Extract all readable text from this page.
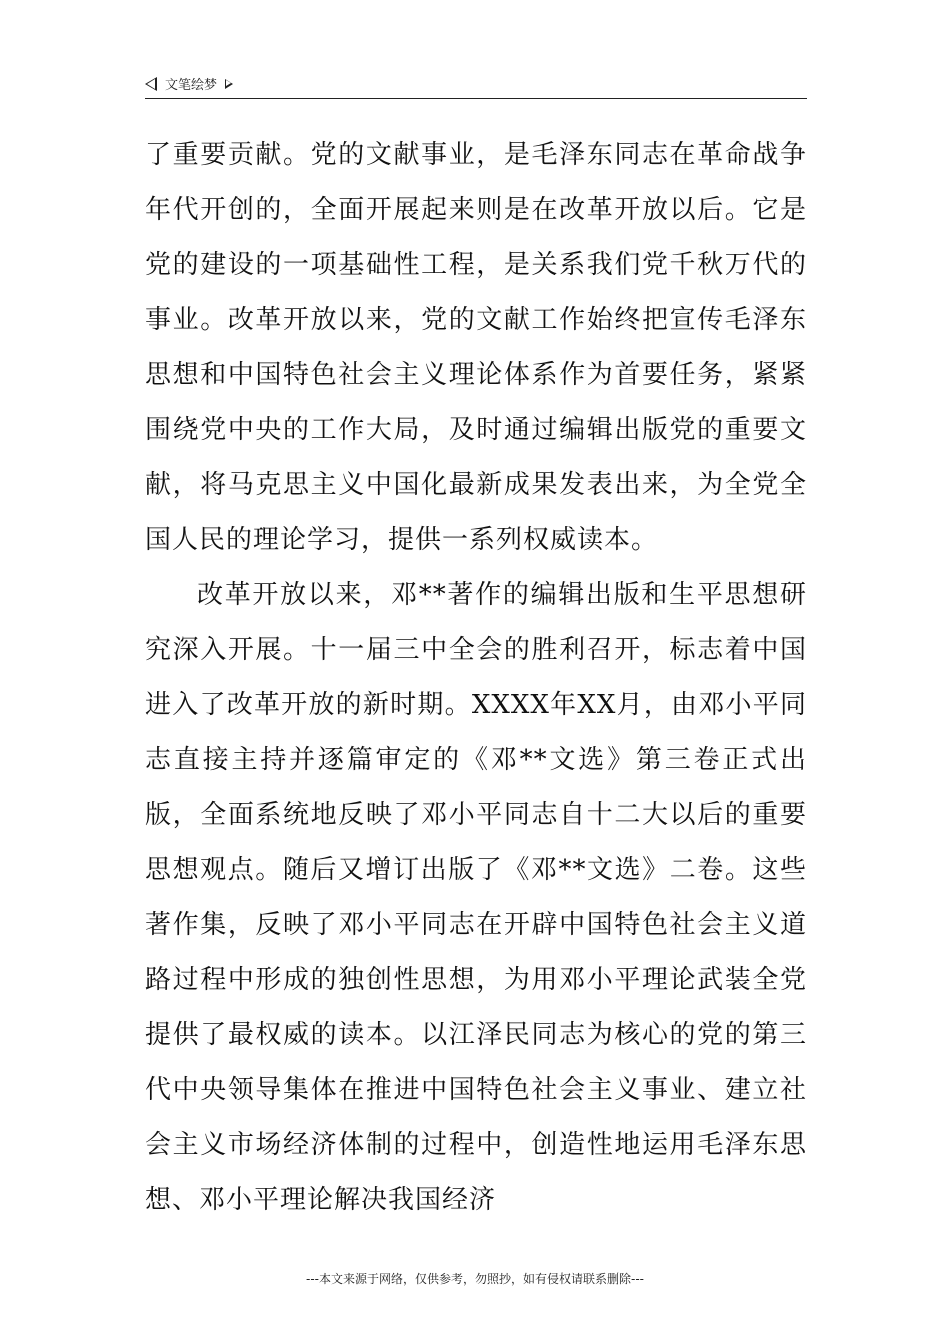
文笔绘梦

了重要贡献。党的文献事业，是毛泽东同志在革命战争年代开创的，全面开展起来则是在改革开放以后。它是党的建设的一项基础性工程，是关系我们党千秋万代的事业。改革开放以来，党的文献工作始终把宣传毛泽东思想和中国特色社会主义理论体系作为首要任务，紧紧围绕党中央的工作大局，及时通过编辑出版党的重要文献，将马克思主义中国化最新成果发表出来，为全党全国人民的理论学习，提供一系列权威读本。

改革开放以来，邓**著作的编辑出版和生平思想研究深入开展。十一届三中全会的胜利召开，标志着中国进入了改革开放的新时期。XXXX年XX月，由邓小平同志直接主持并逐篇审定的《邓**文选》第三卷正式出版，全面系统地反映了邓小平同志自十二大以后的重要思想观点。随后又增订出版了《邓**文选》二卷。这些著作集，反映了邓小平同志在开辟中国特色社会主义道路过程中形成的独创性思想，为用邓小平理论武装全党提供了最权威的读本。以江泽民同志为核心的党的第三代中央领导集体在推进中国特色社会主义事业、建立社会主义市场经济体制的过程中，创造性地运用毛泽东思想、邓小平理论解决我国经济

---本文来源于网络，仅供参考，勿照抄，如有侵权请联系删除---
